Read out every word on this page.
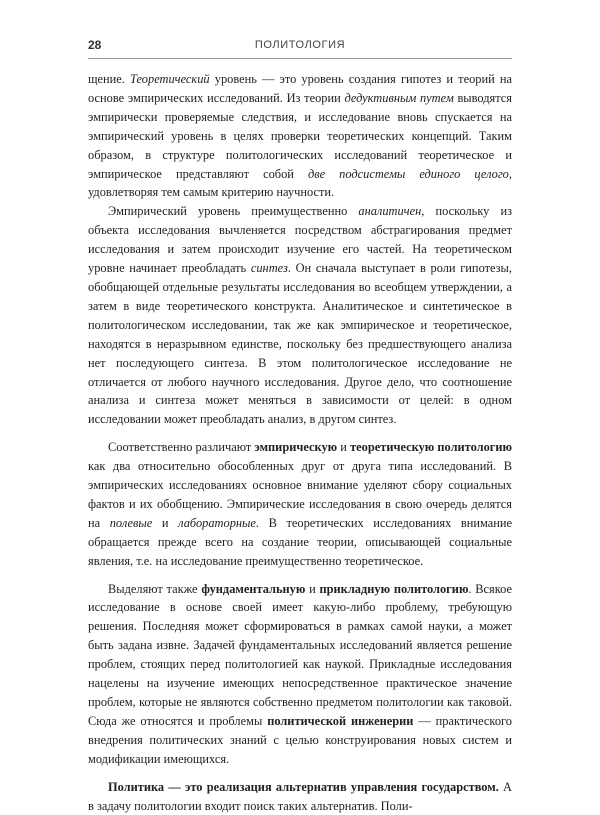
28	ПОЛИТОЛОГИЯ

щение. Теоретический уровень — это уровень создания гипотез и теорий на основе эмпирических исследований. Из теории дедуктивным путем выводятся эмпирически проверяемые следствия, и исследование вновь спускается на эмпирический уровень в целях проверки теоретических концепций. Таким образом, в структуре политологических исследований теоретическое и эмпирическое представляют собой две подсистемы единого целого, удовлетворяя тем самым критерию научности.

Эмпирический уровень преимущественно аналитичен, поскольку из объекта исследования вычленяется посредством абстрагирования предмет исследования и затем происходит изучение его частей. На теоретическом уровне начинает преобладать синтез. Он сначала выступает в роли гипотезы, обобщающей отдельные результаты исследования во всеобщем утверждении, а затем в виде теоретического конструкта. Аналитическое и синтетическое в политологическом исследовании, так же как эмпирическое и теоретическое, находятся в неразрывном единстве, поскольку без предшествующего анализа нет последующего синтеза. В этом политологическое исследование не отличается от любого научного исследования. Другое дело, что соотношение анализа и синтеза может меняться в зависимости от целей: в одном исследовании может преобладать анализ, в другом синтез.

Соответственно различают эмпирическую и теоретическую политологию как два относительно обособленных друг от друга типа исследований. В эмпирических исследованиях основное внимание уделяют сбору социальных фактов и их обобщению. Эмпирические исследования в свою очередь делятся на полевые и лабораторные. В теоретических исследованиях внимание обращается прежде всего на создание теории, описывающей социальные явления, т.е. на исследование преимущественно теоретическое.

Выделяют также фундаментальную и прикладную политологию. Всякое исследование в основе своей имеет какую-либо проблему, требующую решения. Последняя может сформироваться в рамках самой науки, а может быть задана извне. Задачей фундаментальных исследований является решение проблем, стоящих перед политологией как наукой. Прикладные исследования нацелены на изучение имеющих непосредственное практическое значение проблем, которые не являются собственно предметом политологии как таковой. Сюда же относятся и проблемы политической инженерии — практического внедрения политических знаний с целью конструирования новых систем и модификации имеющихся.

Политика — это реализация альтернатив управления государством. А в задачу политологии входит поиск таких альтернатив. Поли-
